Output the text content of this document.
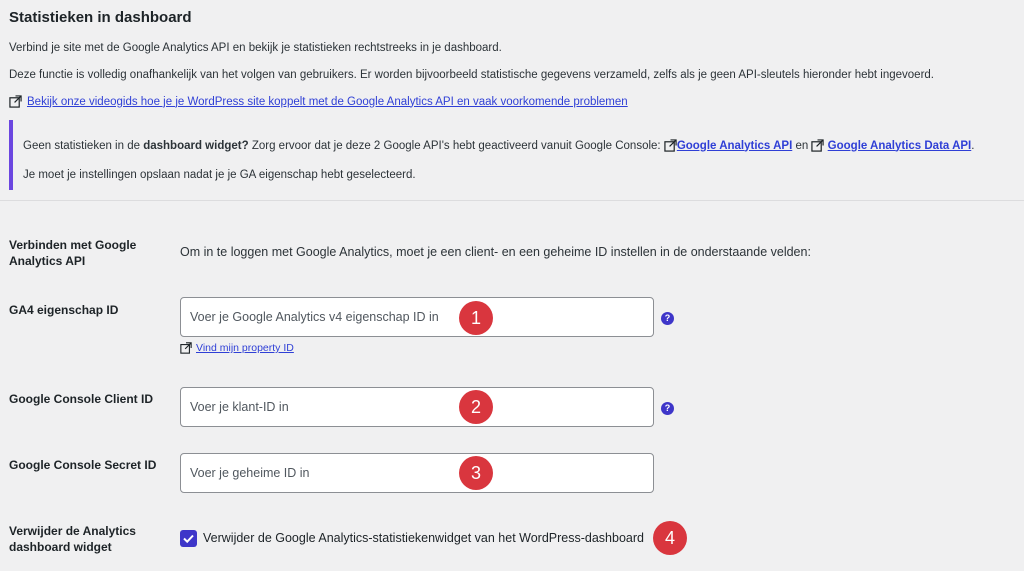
Statistieken in dashboard
Verbind je site met de Google Analytics API en bekijk je statistieken rechtstreeks in je dashboard.
Deze functie is volledig onafhankelijk van het volgen van gebruikers. Er worden bijvoorbeeld statistische gegevens verzameld, zelfs als je geen API-sleutels hieronder hebt ingevoerd.
Bekijk onze videogids hoe je je WordPress site koppelt met de Google Analytics API en vaak voorkomende problemen
Geen statistieken in de
dashboard widget?
Zorg ervoor dat je deze 2 Google API's hebt geactiveerd vanuit Google Console:
Google Analytics API
en

Google Analytics Data API .
Je moet je instellingen opslaan nadat je je GA eigenschap hebt geselecteerd.
Verbinden met Google Analytics API
Om in te loggen met Google Analytics, moet je een client- en een geheime ID instellen in de onderstaande velden:
GA4 eigenschap ID
Voer je Google Analytics v4 eigenschap ID in	1	?
Vind mijn property ID
Google Console Client ID
Voer je klant-ID in	2	?
Google Console Secret ID
Voer je geheime ID in	3
Verwijder de Analytics dashboard widget
Verwijder de Google Analytics-statistiekenwidget van het WordPress-dashboard	4
